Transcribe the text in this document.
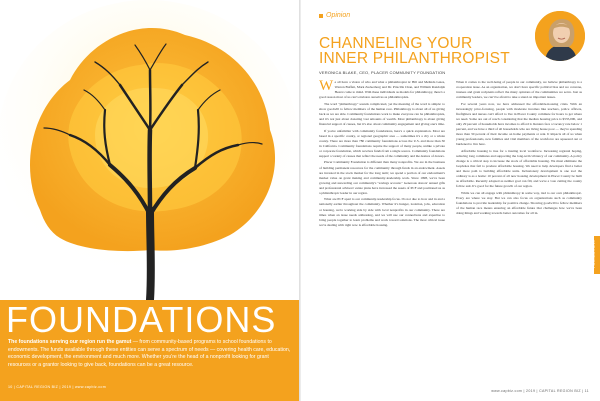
FOUNDATIONS
The foundations serving our region run the gamut — from community-based programs to school foundations to endowments. The funds available through these entities can serve a spectrum of needs — covering health care, education, economic development, the environment and much more. Whether you're the head of a nonprofit looking for grant resources or a grantor looking to give back, foundations can be a great resource.
10 | CAPITAL REGION BIZ | 2019 | www.capbiz.com
Opinion
CHANNELING YOUR INNER PHILANTHROPIST
VERONICA BLAKE, CEO, PLACER COMMUNITY FOUNDATION

We all have a vision of who and what a philanthropist is: Bill and Melinda Gates, Warren Buffett, Mark Zuckerberg and Dr. Priscilla Chan, and William Randolph Hearst come to mind. With these individuals as models for philanthropy, there's a good reason most of us can't envision ourselves as philanthropists.

The word "philanthropy" sounds complicated, yet the meaning of the word is simple: to show goodwill to fellow members of the human race. Philanthropy is about all of us giving back as we are able. Community foundations work to make everyone can be philanthropists, and it's not just about donating vast amounts of wealth. Most philanthropy is about giving financial support of causes, but it's also about community engagement and giving one's time.

If you're unfamiliar with community foundations, here's a quick explanation. Most are based in a specific county, or regional geographic area — sometimes it's a city or a whole county. There are more than 780 community foundations across the U.S. and more than 30 in California. Community foundations require the support of many people, unlike a private or corporate foundation, which receives funds from a single source. Community foundations support a variety of causes that reflect the needs of the community and the desires of donors.

Placer Community Foundation is different than many nonprofits. We are in the business of building permanent resources for the community through funds in an endowment. Assets are invested in the stock market for the long term; we spend a portion of our endowment's market value on grant making and community-leadership work. Since 1998, we've been growing and stewarding our community's "savings account." Generous donors' annual gifts and professional advisors' estate plans have increased the assets of PCF and positioned us as a philanthropic leader in our region.

What are PCF apart is our community-leadership focus. It's not due to how and in and a nationally earlier throughout the community. Whether it's hunger, isolation, jobs, education or housing, we're working side by side with local nonprofits in our community. There are times when an issue needs addressing, and we will use our connections and expertise to bring people together to learn problems and work toward solutions. The most critical issue we're dealing with right now is affordable housing.

When it comes to the well-being of people in our community, we believe philanthropy is a cooperation issue. As an organization, we don't have specific political bias and we convene, trustees and grant recipients reflect the many opinions of the communities we serve. Just as community leaders, we can't be afraid to take a stand on important issues.

For several years now, we have addressed the affordable-housing crisis. With an increasingly price-focusing, people with moderate incomes like teachers, police officers, firefighters and nurses can't afford to live in Placer County commute for hours to get where we need. Some are out of reach considering that the median housing price is $535,000, and only 29 percent of households have incomes to afford it. Renters face a vacancy rate below 1 percent, and we have a third of all households who are living house poor — they're spending more than 30 percent of their income on home payments or rent. It impacts all of us when young professionals, new families and vital members of the workforce are squeezed out or burdened to live here.

Affordable housing is true for a trusting local workforce. Increasing regional hoping, reducing long commutes and supporting the long-term vibrancy of our community. A policy change is a critical step to increase the stock of affordable housing. We must eliminate the loopholes that fail to produce affordable housing. We need to help developers find a better and more path to building affordable units. Inclusionary development is one tool the ordinary is as a home: 10 percent of all new housing development in Placer County be built as affordable. Recently adopted as neither goal can fill, and we're a vote cutting the county follow suit. It's good for the future growth of our region.

While we can all engage with philanthropy in some way, tied to our own philanthropic. Every are where we stay. But we can also focus on organizations such as community foundations to provide leadership for positive change. Showing goodwill to fellow members of the human race means ensuring an affordable future that challenges how we've been doing things and working towards better outcomes for all in.

FOUNDATIONS
www.capbiz.com | 2019 | CAPITAL REGION BIZ | 11
